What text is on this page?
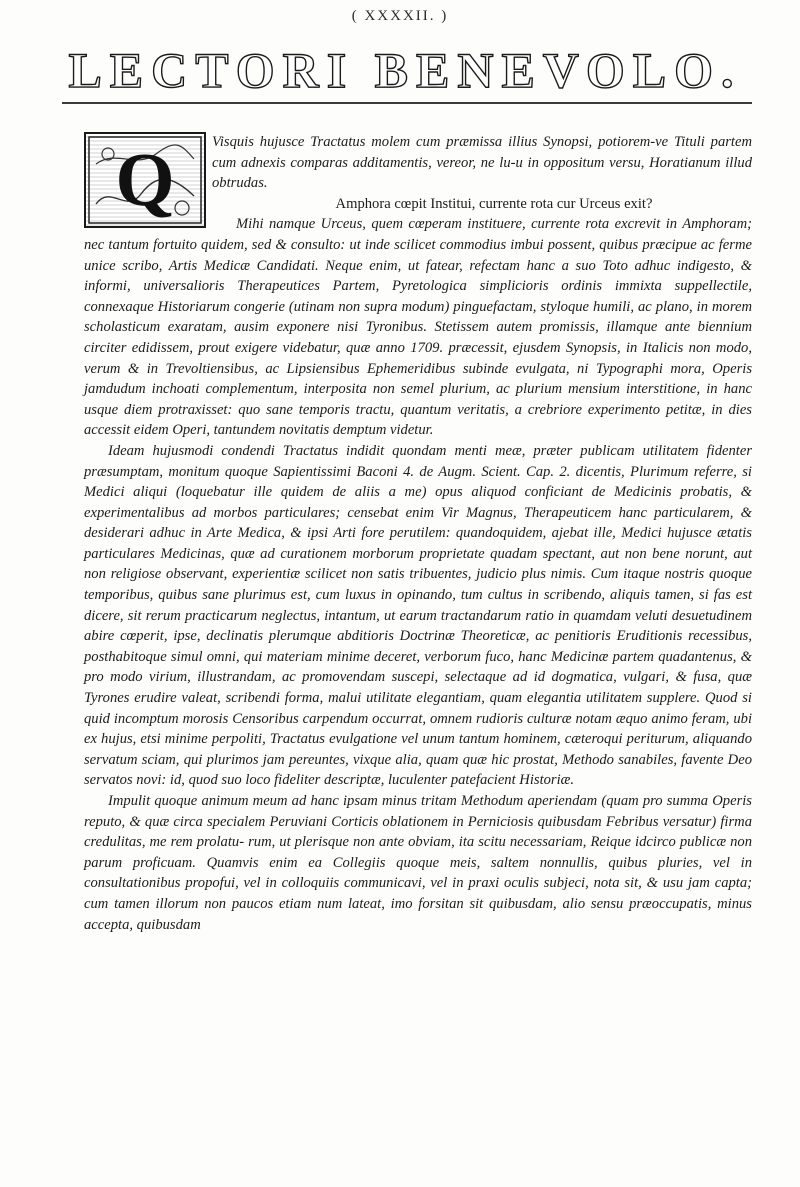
( XXXXII. )
LECTORI BENEVOLO.

Visquis hujusce Tractatus molem cum præmissa illius Synopsi, potiorem-ve Tituli partem cum adnexis comparas additamentis, vereor, ne lu-u in oppositum versu, Horatianum illud obtrudas.

Amphora cœpit Institui, currente rota cur Urceus exit?

Mihi namque Urceus, quem cœperam instituere, currente rota excrevit in Amphoram; nec tantum fortuito quidem, sed & consulto: ut inde scilicet commodius imbui possent, quibus præcipue ac ferme unice scribo, Artis Medicæ Candidati. Neque enim, ut fatear, refectam hanc a suo Toto adhuc indigesto, & informi, universalioris Therapeutices Partem, Pyretologica simplicioris ordinis immixta suppellectile, connexaque Historiarum congerie (utinam non supra modum) pinguefactam, styloque humili, ac plano, in morem scholasticum exaratam, ausim exponere nisi Tyronibus. Stetissem autem promissis, illamque ante biennium circiter edidissem, prout exigere videbatur, quæ anno 1709. præcessit, ejusdem Synopsis, in Italicis non modo, verum & in Trevoltiensibus, ac Lipsiensibus Ephemeridibus subinde evulgata, ni Typographi mora, Operis jamdudum inchoati complementum, interposita non semel plurium, ac plurium mensium interstitione, in hanc usque diem protraxisset: quo sane temporis tractu, quantum veritatis, a crebriore experimento petitæ, in dies accessit eidem Operi, tantundem novitatis demptum videtur.

Ideam hujusmodi condendi Tractatus indidit quondam menti meæ, præter publicam utilitatem fidenter præsumptam, monitum quoque Sapientissimi Baconi 4. de Augm. Scient. Cap. 2. dicentis, Plurimum referre, si Medici aliqui (loquebatur ille quidem de aliis a me) opus aliquod conficiant de Medicinis probatis, & experimentalibus ad morbos particulares; censebat enim Vir Magnus, Therapeuticem hanc particularem, & desiderari adhuc in Arte Medica, & ipsi Arti fore perutilem: quandoquidem, ajebat ille, Medici hujusce ætatis particulares Medicinas, quæ ad curationem morborum proprietate quadam spectant, aut non bene norunt, aut non religiose observant, experientiæ scilicet non satis tribuentes, judicio plus nimis. Cum itaque nostris quoque temporibus, quibus sane plurimus est, cum luxus in opinando, tum cultus in scribendo, aliquis tamen, si fas est dicere, sit rerum practicarum neglectus, intantum, ut earum tractandarum ratio in quamdam veluti desuetudinem abire cœperit, ipse, declinatis plerumque abditioris Doctrinæ Theoreticæ, ac penitioris Eruditionis recessibus, posthabitoque simul omni, qui materiam minime deceret, verborum fuco, hanc Medicinæ partem quadantenus, & pro modo virium, illustrandam, ac promovendam suscepi, selectaque ad id dogmatica, vulgari, & fusa, quæ Tyrones erudire valeat, scribendi forma, malui utilitate elegantiam, quam elegantia utilitatem supplere. Quod si quid incomptum morosis Censoribus carpendum occurrat, omnem rudioris culturæ notam æquo animo feram, ubi ex hujus, etsi minime perpoliti, Tractatus evulgatione vel unum tantum hominem, cæteroqui periturum, aliquando servatum sciam, qui plurimos jam pereuntes, vixque alia, quam quæ hic prostat, Methodo sanabiles, favente Deo servatos novi: id, quod suo loco fideliter descriptæ, luculenter patefacient Historiæ.

Impulit quoque animum meum ad hanc ipsam minus tritam Methodum aperiendam (quam pro summa Operis reputo, & quæ circa specialem Peruviani Corticis oblationem in Perniciosis quibusdam Febribus versatur) firma credulitas, me rem prolatu- rum, ut plerisque non ante obviam, ita scitu necessariam, Reique idcirco publicæ non parum proficuam. Quamvis enim ea Collegiis quoque meis, saltem nonnullis, quibus pluries, vel in consultationibus propofui, vel in colloquiis communicavi, vel in praxi oculis subjeci, nota sit, & usu jam capta; cum tamen illorum non paucos etiam num lateat, imo forsitan sit quibusdam, alio sensu præoccupatis, minus accepta, quibusdam

Q
